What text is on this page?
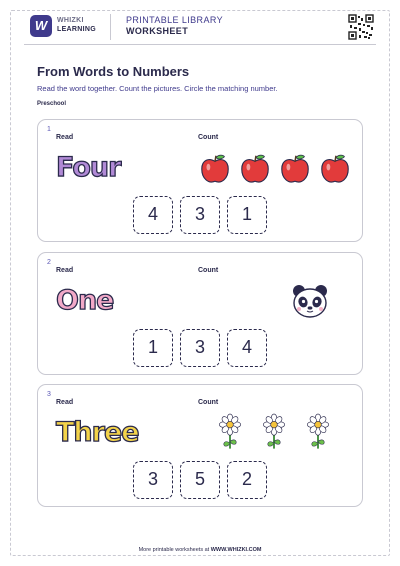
W	WHIZKI
LEARNING
PRINTABLE LIBRARY
WORKSHEET
From Words to Numbers
Read the word together. Count the pictures. Circle the matching number.
Preschool
1
Read	Count
Four
4	3	1
2
Read	Count
One
1	3	4
3
Read	Count
Three
3	5	2
More printable worksheets at WWW.WHIZKI.COM
